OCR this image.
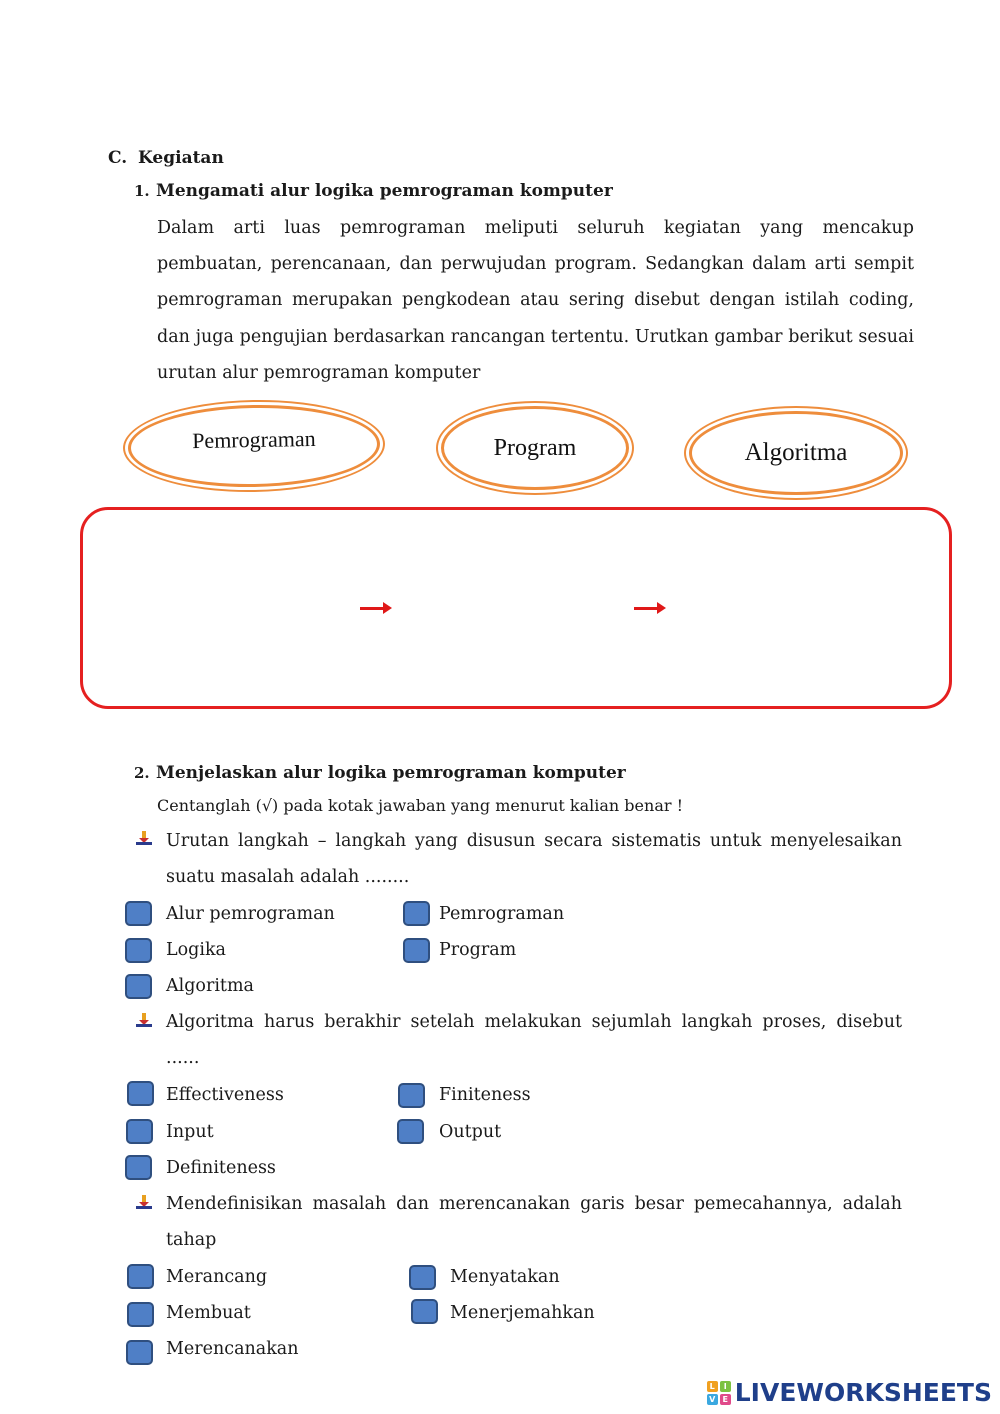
C. Kegiatan
1. Mengamati alur logika pemrograman komputer
Dalam arti luas pemrograman meliputi seluruh kegiatan yang mencakup pembuatan, perencanaan, dan perwujudan program. Sedangkan dalam arti sempit pemrograman merupakan pengkodean atau sering disebut dengan istilah coding, dan juga pengujian berdasarkan rancangan tertentu. Urutkan gambar berikut sesuai urutan alur pemrograman komputer
Pemrograman	Program	Algoritma
2. Menjelaskan alur logika pemrograman komputer
Centanglah (√) pada kotak jawaban yang menurut kalian benar !
Urutan langkah – langkah yang disusun secara sistematis untuk menyelesaikan suatu masalah adalah ........
Alur pemrograman	Pemrograman
Logika	Program
Algoritma
Algoritma harus berakhir setelah melakukan sejumlah langkah proses, disebut ......
Effectiveness	Finiteness
Input	Output
Definiteness
Mendefinisikan masalah dan merencanakan garis besar pemecahannya, adalah tahap
Merancang	Menyatakan
Membuat	Menerjemahkan
Merencanakan
L	I
V E LIVEWORKSHEETS
